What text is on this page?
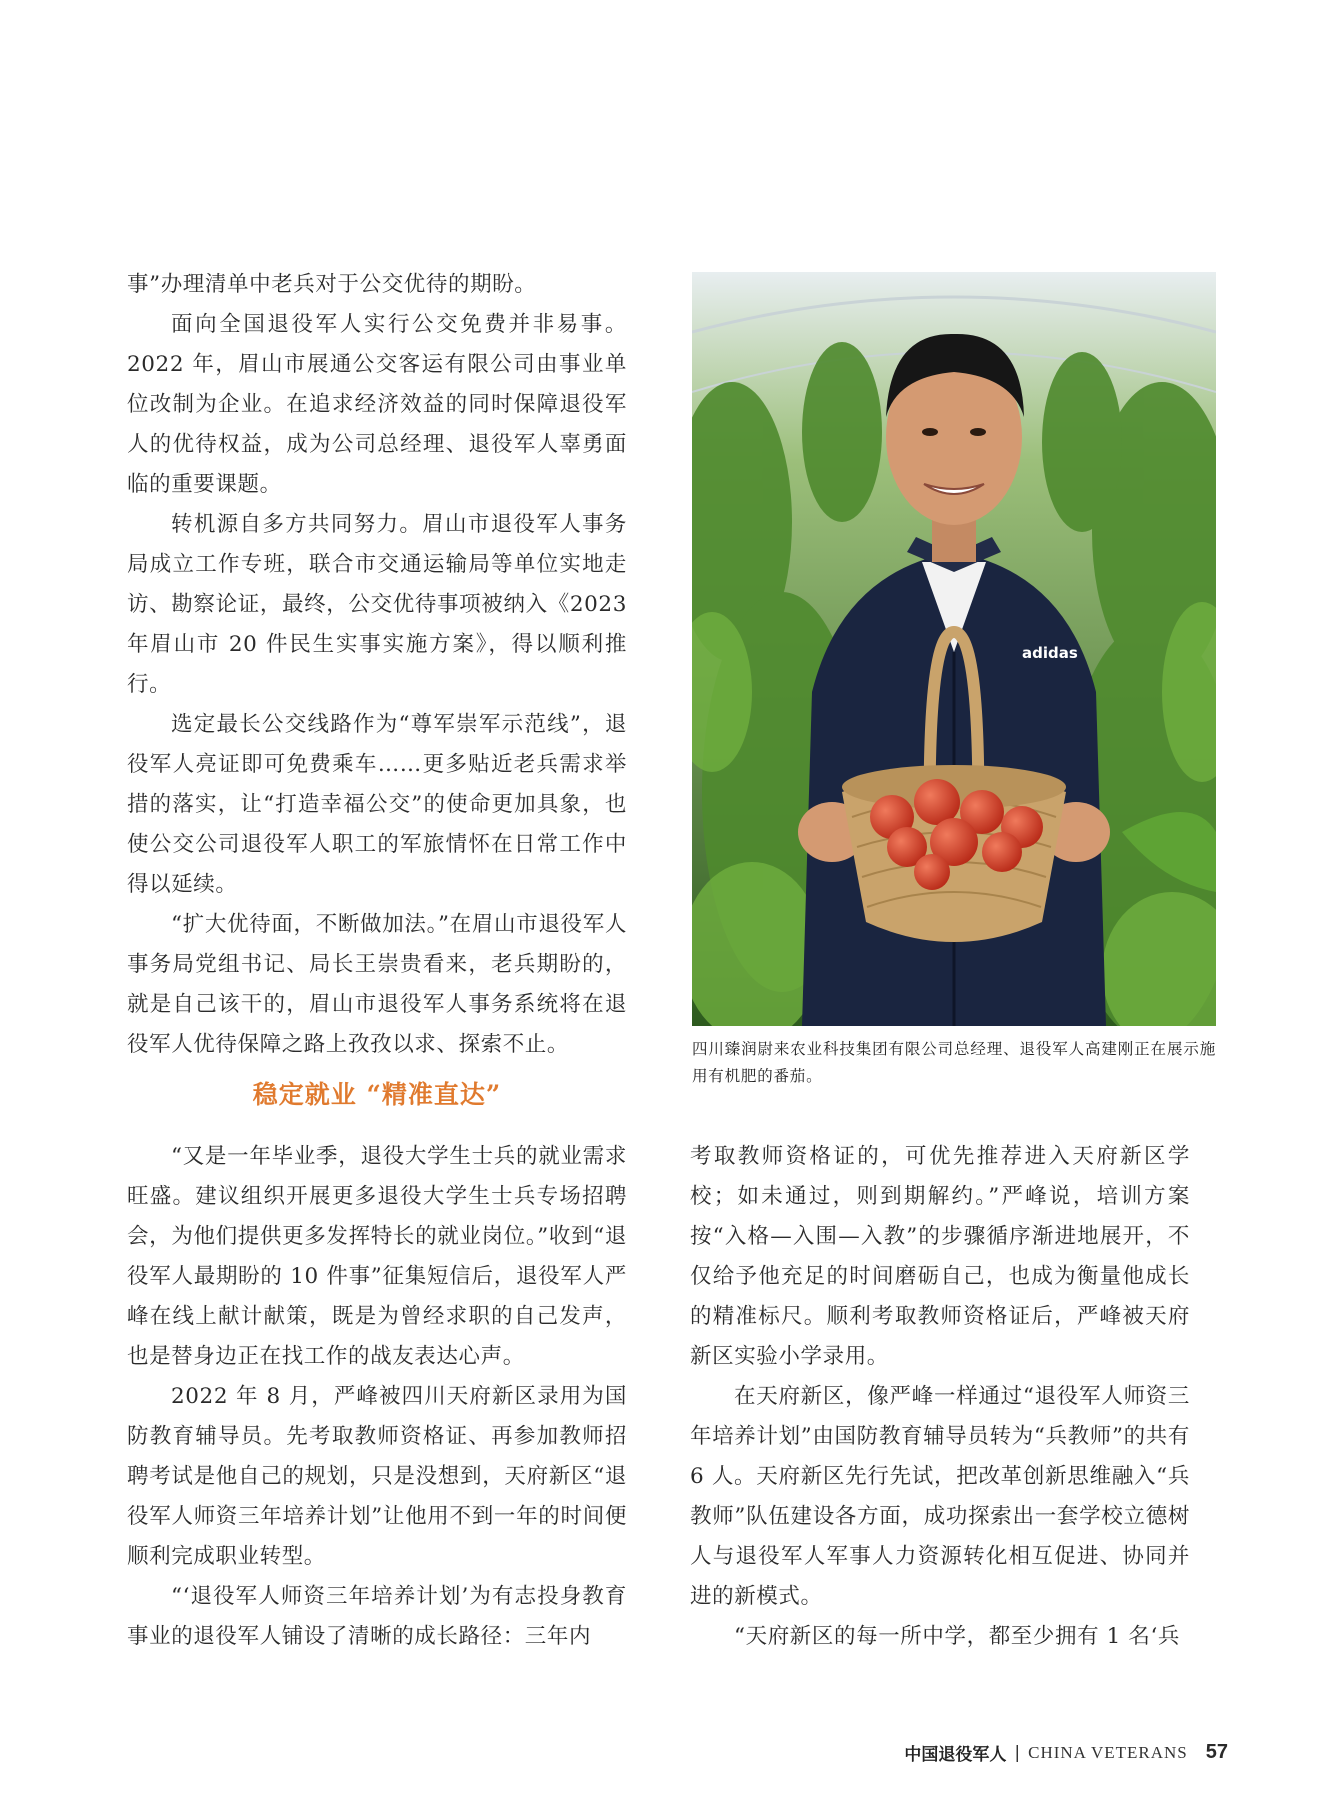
事”办理清单中老兵对于公交优待的期盼。

面向全国退役军人实行公交免费并非易事。2022 年，眉山市展通公交客运有限公司由事业单位改制为企业。在追求经济效益的同时保障退役军人的优待权益，成为公司总经理、退役军人辜勇面临的重要课题。

转机源自多方共同努力。眉山市退役军人事务局成立工作专班，联合市交通运输局等单位实地走访、勘察论证，最终，公交优待事项被纳入《2023 年眉山市 20 件民生实事实施方案》，得以顺利推行。

选定最长公交线路作为“尊军崇军示范线”，退役军人亮证即可免费乘车……更多贴近老兵需求举措的落实，让“打造幸福公交”的使命更加具象，也使公交公司退役军人职工的军旅情怀在日常工作中得以延续。

“扩大优待面，不断做加法。”在眉山市退役军人事务局党组书记、局长王崇贵看来，老兵期盼的，就是自己该干的，眉山市退役军人事务系统将在退役军人优待保障之路上孜孜以求、探索不止。

adidas
四川臻润尉来农业科技集团有限公司总经理、退役军人高建刚正在展示施用有机肥的番茄。
稳定就业 “精准直达”

“又是一年毕业季，退役大学生士兵的就业需求旺盛。建议组织开展更多退役大学生士兵专场招聘会，为他们提供更多发挥特长的就业岗位。”收到“退役军人最期盼的 10 件事”征集短信后，退役军人严峰在线上献计献策，既是为曾经求职的自己发声，也是替身边正在找工作的战友表达心声。

2022 年 8 月，严峰被四川天府新区录用为国防教育辅导员。先考取教师资格证、再参加教师招聘考试是他自己的规划，只是没想到，天府新区“退役军人师资三年培养计划”让他用不到一年的时间便顺利完成职业转型。

“‘退役军人师资三年培养计划’为有志投身教育事业的退役军人铺设了清晰的成长路径：三年内

考取教师资格证的，可优先推荐进入天府新区学校；如未通过，则到期解约。”严峰说，培训方案按“入格—入围—入教”的步骤循序渐进地展开，不仅给予他充足的时间磨砺自己，也成为衡量他成长的精准标尺。顺利考取教师资格证后，严峰被天府新区实验小学录用。

在天府新区，像严峰一样通过“退役军人师资三年培养计划”由国防教育辅导员转为“兵教师”的共有 6 人。天府新区先行先试，把改革创新思维融入“兵教师”队伍建设各方面，成功探索出一套学校立德树人与退役军人军事人力资源转化相互促进、协同并进的新模式。

“天府新区的每一所中学，都至少拥有 1 名‘兵

中国退役军人 | CHINA VETERANS 57
